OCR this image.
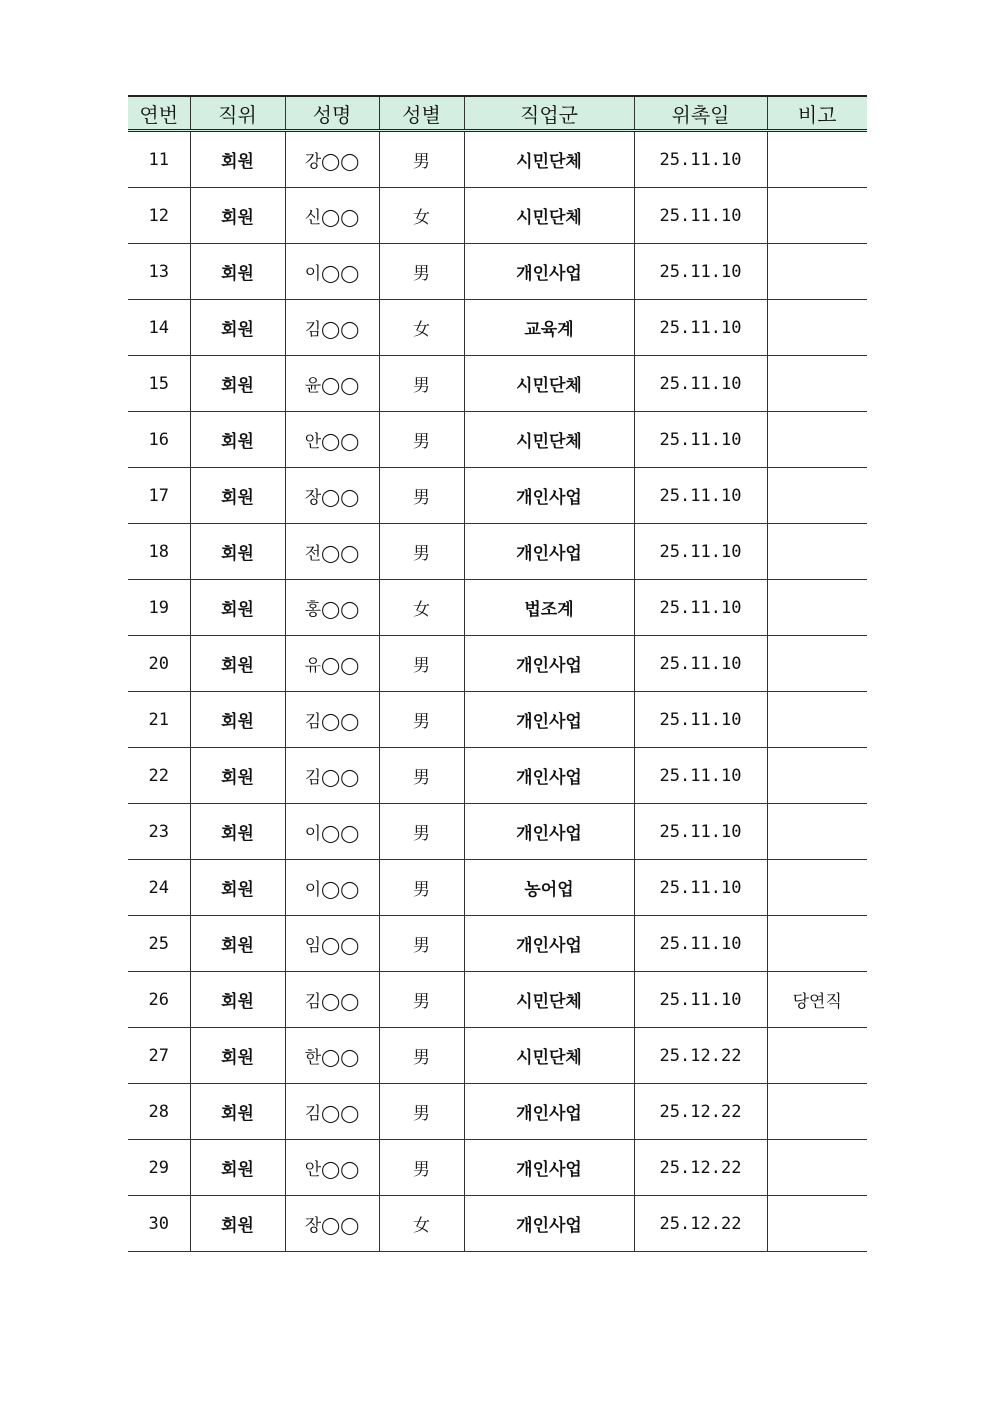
연번	직위	성명	성별	직업군	위촉일	비고
11	회원	강◯◯	男	시민단체	25.11.10	
12	회원	신◯◯	女	시민단체	25.11.10	
13	회원	이◯◯	男	개인사업	25.11.10	
14	회원	김◯◯	女	교육계	25.11.10	
15	회원	윤◯◯	男	시민단체	25.11.10	
16	회원	안◯◯	男	시민단체	25.11.10	
17	회원	장◯◯	男	개인사업	25.11.10	
18	회원	전◯◯	男	개인사업	25.11.10	
19	회원	홍◯◯	女	법조계	25.11.10	
20	회원	유◯◯	男	개인사업	25.11.10	
21	회원	김◯◯	男	개인사업	25.11.10	
22	회원	김◯◯	男	개인사업	25.11.10	
23	회원	이◯◯	男	개인사업	25.11.10	
24	회원	이◯◯	男	농어업	25.11.10	
25	회원	임◯◯	男	개인사업	25.11.10	
26	회원	김◯◯	男	시민단체	25.11.10	당연직
27	회원	한◯◯	男	시민단체	25.12.22	
28	회원	김◯◯	男	개인사업	25.12.22	
29	회원	안◯◯	男	개인사업	25.12.22	
30	회원	장◯◯	女	개인사업	25.12.22	
